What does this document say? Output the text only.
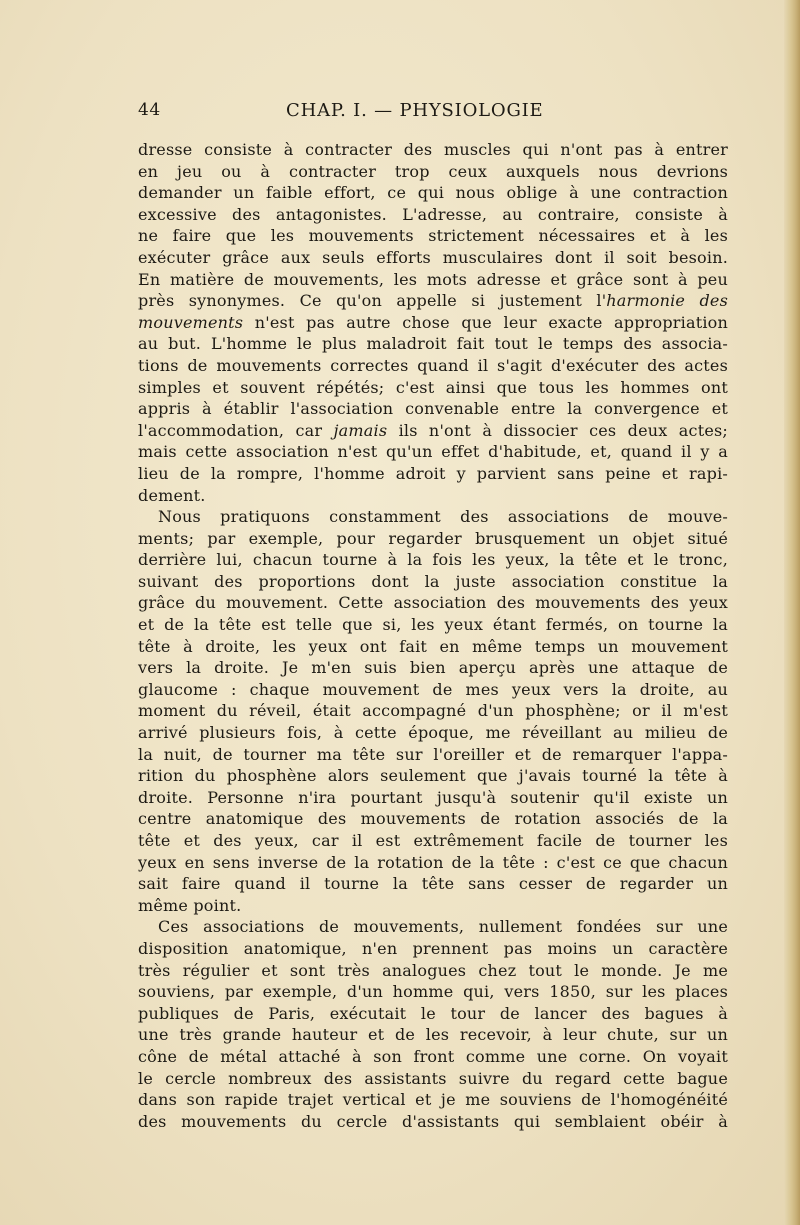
44	CHAP. I. — PHYSIOLOGIE
dresse consiste à contracter des muscles qui n'ont pas à entrer
en jeu ou à contracter trop ceux auxquels nous devrions
demander un faible effort, ce qui nous oblige à une contraction
excessive des antagonistes. L'adresse, au contraire, consiste à
ne faire que les mouvements strictement nécessaires et à les
exécuter grâce aux seuls efforts musculaires dont il soit besoin.
En matière de mouvements, les mots adresse et grâce sont à peu
près synonymes. Ce qu'on appelle si justement l'harmonie des
mouvements n'est pas autre chose que leur exacte appropriation
au but. L'homme le plus maladroit fait tout le temps des associa-
tions de mouvements correctes quand il s'agit d'exécuter des actes
simples et souvent répétés; c'est ainsi que tous les hommes ont
appris à établir l'association convenable entre la convergence et
l'accommodation, car jamais ils n'ont à dissocier ces deux actes;
mais cette association n'est qu'un effet d'habitude, et, quand il y a
lieu de la rompre, l'homme adroit y parvient sans peine et rapi-
dement.
Nous pratiquons constamment des associations de mouve-
ments; par exemple, pour regarder brusquement un objet situé
derrière lui, chacun tourne à la fois les yeux, la tête et le tronc,
suivant des proportions dont la juste association constitue la
grâce du mouvement. Cette association des mouvements des yeux
et de la tête est telle que si, les yeux étant fermés, on tourne la
tête à droite, les yeux ont fait en même temps un mouvement
vers la droite. Je m'en suis bien aperçu après une attaque de
glaucome : chaque mouvement de mes yeux vers la droite, au
moment du réveil, était accompagné d'un phosphène; or il m'est
arrivé plusieurs fois, à cette époque, me réveillant au milieu de
la nuit, de tourner ma tête sur l'oreiller et de remarquer l'appa-
rition du phosphène alors seulement que j'avais tourné la tête à
droite. Personne n'ira pourtant jusqu'à soutenir qu'il existe un
centre anatomique des mouvements de rotation associés de la
tête et des yeux, car il est extrêmement facile de tourner les
yeux en sens inverse de la rotation de la tête : c'est ce que chacun
sait faire quand il tourne la tête sans cesser de regarder un
même point.
Ces associations de mouvements, nullement fondées sur une
disposition anatomique, n'en prennent pas moins un caractère
très régulier et sont très analogues chez tout le monde. Je me
souviens, par exemple, d'un homme qui, vers 1850, sur les places
publiques de Paris, exécutait le tour de lancer des bagues à
une très grande hauteur et de les recevoir, à leur chute, sur un
cône de métal attaché à son front comme une corne. On voyait
le cercle nombreux des assistants suivre du regard cette bague
dans son rapide trajet vertical et je me souviens de l'homogénéité
des mouvements du cercle d'assistants qui semblaient obéir à
